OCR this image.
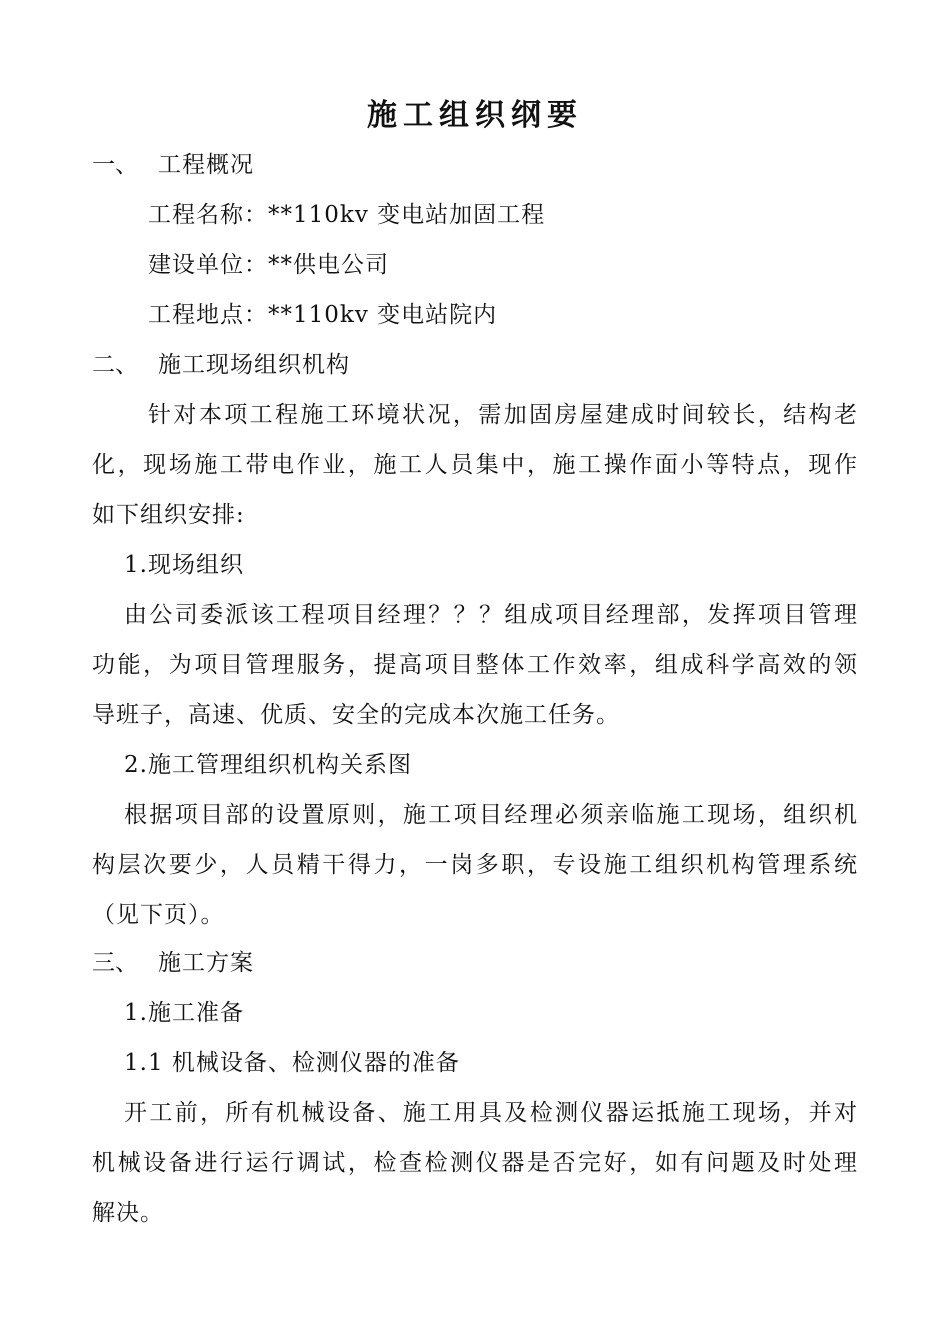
施工组织纲要
一、 工程概况
工程名称：**110kv 变电站加固工程
建设单位：**供电公司
工程地点：**110kv 变电站院内
二、 施工现场组织机构
针对本项工程施工环境状况，需加固房屋建成时间较长，结构老
化，现场施工带电作业，施工人员集中，施工操作面小等特点，现作
如下组织安排:
1.现场组织
由公司委派该工程项目经理？？？组成项目经理部，发挥项目管理
功能，为项目管理服务，提高项目整体工作效率，组成科学高效的领
导班子，高速、优质、安全的完成本次施工任务。
2.施工管理组织机构关系图
根据项目部的设置原则，施工项目经理必须亲临施工现场，组织机
构层次要少，人员精干得力，一岗多职，专设施工组织机构管理系统
（见下页）。
三、 施工方案
1.施工准备
1.1 机械设备、检测仪器的准备
开工前，所有机械设备、施工用具及检测仪器运抵施工现场，并对
机械设备进行运行调试，检查检测仪器是否完好，如有问题及时处理
解决。
